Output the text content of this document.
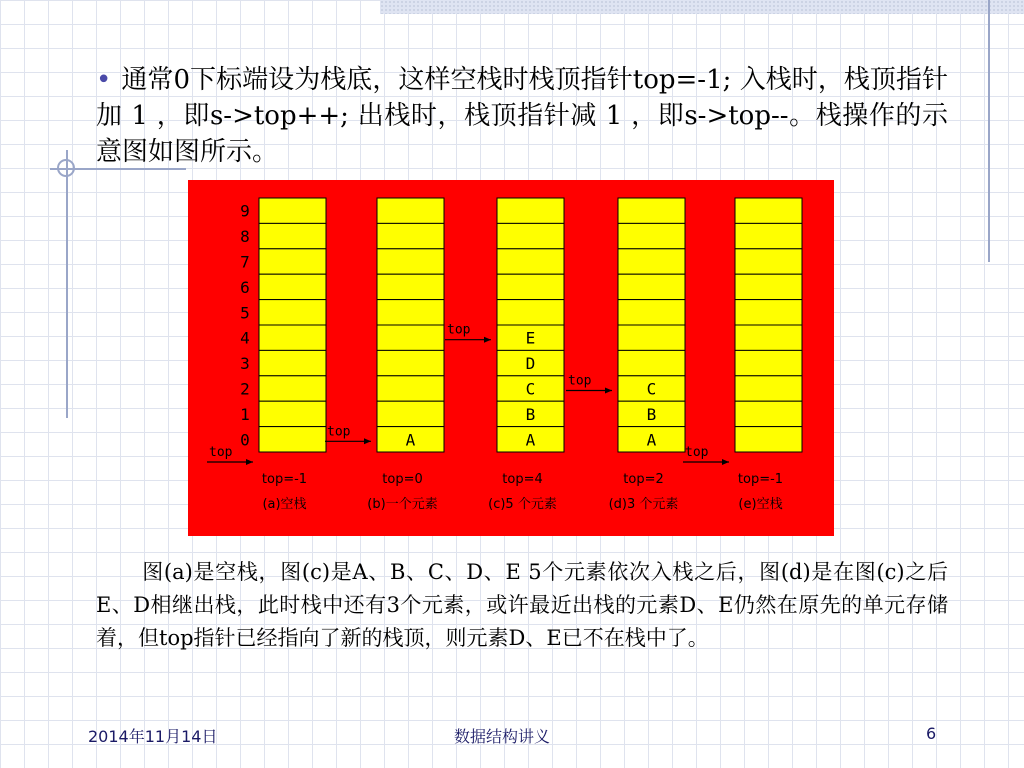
• 通常0下标端设为栈底，这样空栈时栈顶指针top=-1; 入栈时，栈顶指针加 1 ，即s->top++; 出栈时，栈顶指针减 1 ，即s->top--。栈操作的示意图如图所示。
9
8
7
6
5
4
3
2
1
0
top
top=-1
(a)空栈
A
top
top=0
(b)一个元素
A
B
C
D
E
top
top=4
(c)5 个元素
A
B
C
top
top=2
(d)3 个元素
top
top=-1
(e)空栈
图(a)是空栈，图(c)是A、B、C、D、E 5个元素依次入栈之后，图(d)是在图(c)之后E、D相继出栈，此时栈中还有3个元素，或许最近出栈的元素D、E仍然在原先的单元存储着，但top指针已经指向了新的栈顶，则元素D、E已不在栈中了。
2014年11月14日	数据结构讲义	6
